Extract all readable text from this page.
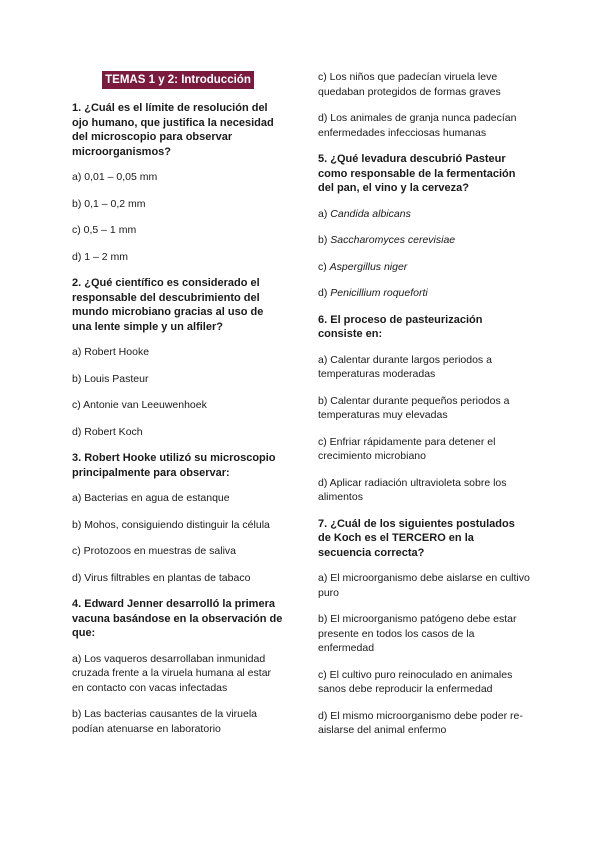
TEMAS 1 y 2: Introducción

1. ¿Cuál es el límite de resolución del ojo humano, que justifica la necesidad del microscopio para observar microorganismos?

a) 0,01 – 0,05 mm

b) 0,1 – 0,2 mm

c) 0,5 – 1 mm

d) 1 – 2 mm

2. ¿Qué científico es considerado el responsable del descubrimiento del mundo microbiano gracias al uso de una lente simple y un alfiler?

a) Robert Hooke

b) Louis Pasteur

c) Antonie van Leeuwenhoek

d) Robert Koch

3. Robert Hooke utilizó su microscopio principalmente para observar:

a) Bacterias en agua de estanque

b) Mohos, consiguiendo distinguir la célula

c) Protozoos en muestras de saliva

d) Virus filtrables en plantas de tabaco

4. Edward Jenner desarrolló la primera vacuna basándose en la observación de que:

a) Los vaqueros desarrollaban inmunidad cruzada frente a la viruela humana al estar en contacto con vacas infectadas

b) Las bacterias causantes de la viruela podían atenuarse en laboratorio

c) Los niños que padecían viruela leve quedaban protegidos de formas graves

d) Los animales de granja nunca padecían enfermedades infecciosas humanas

5. ¿Qué levadura descubrió Pasteur como responsable de la fermentación del pan, el vino y la cerveza?

a) Candida albicans

b) Saccharomyces cerevisiae

c) Aspergillus niger

d) Penicillium roqueforti

6. El proceso de pasteurización consiste en:

a) Calentar durante largos periodos a temperaturas moderadas

b) Calentar durante pequeños periodos a temperaturas muy elevadas

c) Enfriar rápidamente para detener el crecimiento microbiano

d) Aplicar radiación ultravioleta sobre los alimentos

7. ¿Cuál de los siguientes postulados de Koch es el TERCERO en la secuencia correcta?

a) El microorganismo debe aislarse en cultivo puro

b) El microorganismo patógeno debe estar presente en todos los casos de la enfermedad

c) El cultivo puro reinoculado en animales sanos debe reproducir la enfermedad

d) El mismo microorganismo debe poder re-aislarse del animal enfermo
